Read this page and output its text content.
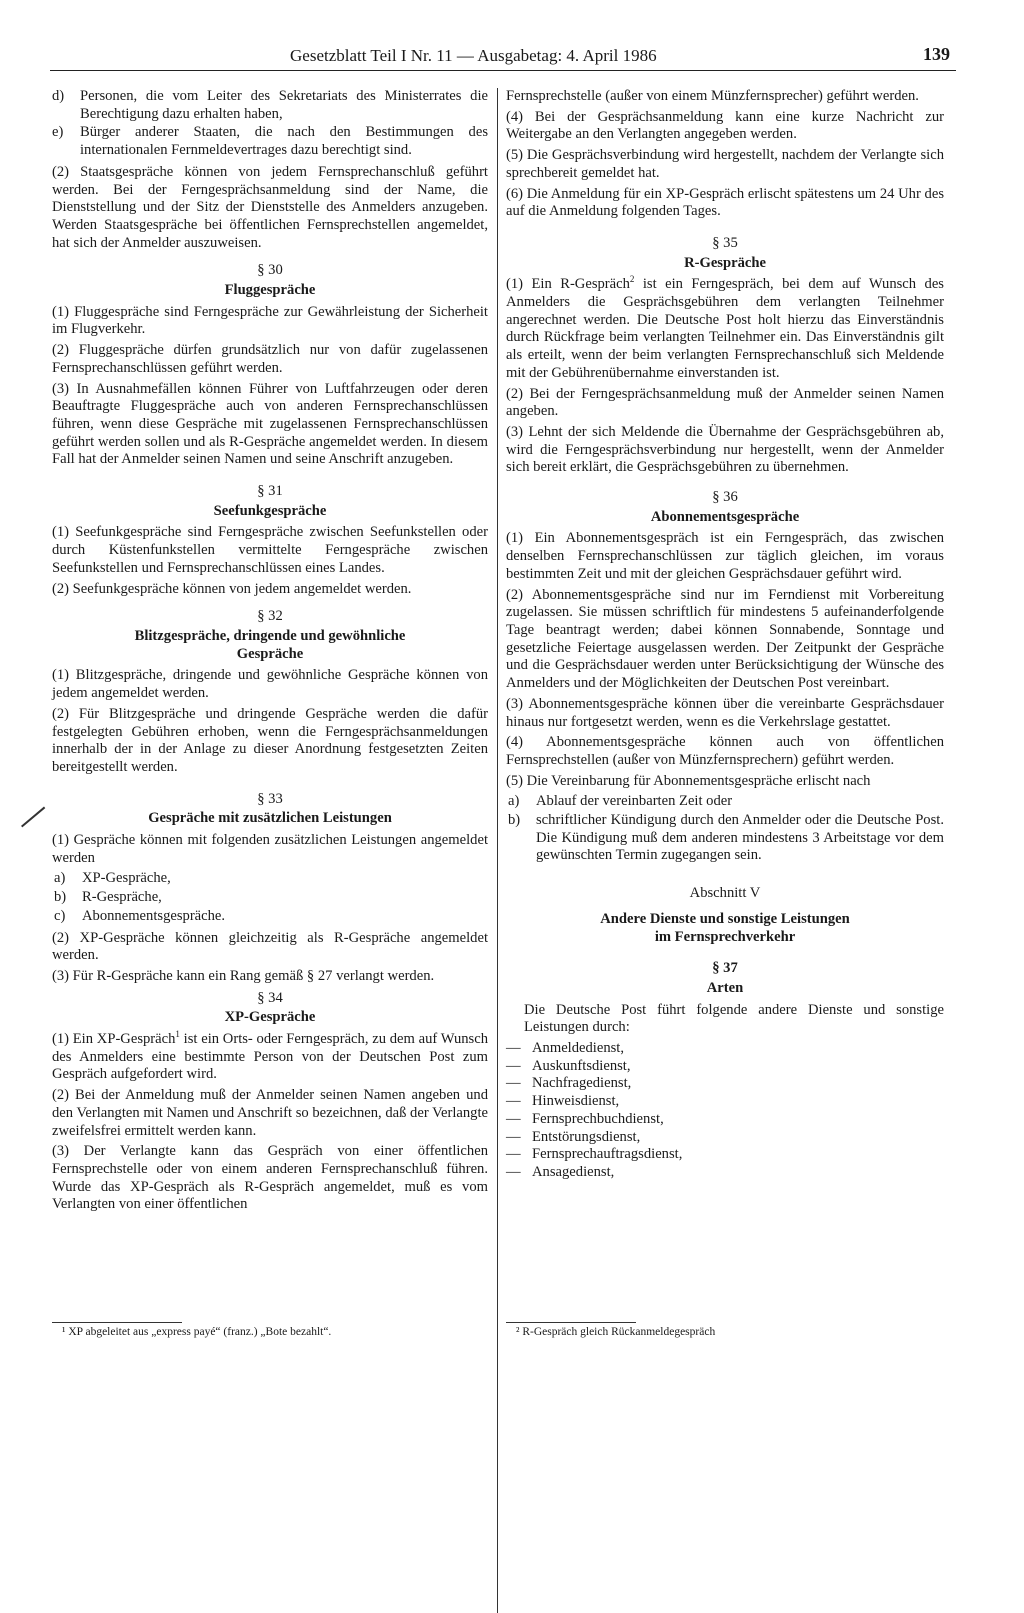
Gesetzblatt Teil I Nr. 11 — Ausgabetag: 4. April 1986	139
d)	Personen, die vom Leiter des Sekretariats des Ministerrates die Berechtigung dazu erhalten haben,
e)	Bürger anderer Staaten, die nach den Bestimmungen des internationalen Fernmeldevertrages dazu berechtigt sind.

(2) Staatsgespräche können von jedem Fernsprechanschluß geführt werden. Bei der Ferngesprächsanmeldung sind der Name, die Dienststellung und der Sitz der Dienststelle des Anmelders anzugeben. Werden Staatsgespräche bei öffentlichen Fernsprechstellen angemeldet, hat sich der Anmelder auszuweisen.

§ 30
Fluggespräche

(1) Fluggespräche sind Ferngespräche zur Gewährleistung der Sicherheit im Flugverkehr.

(2) Fluggespräche dürfen grundsätzlich nur von dafür zugelassenen Fernsprechanschlüssen geführt werden.

(3) In Ausnahmefällen können Führer von Luftfahrzeugen oder deren Beauftragte Fluggespräche auch von anderen Fernsprechanschlüssen führen, wenn diese Gespräche mit zugelassenen Fernsprechanschlüssen geführt werden sollen und als R-Gespräche angemeldet werden. In diesem Fall hat der Anmelder seinen Namen und seine Anschrift anzugeben.

§ 31
Seefunkgespräche

(1) Seefunkgespräche sind Ferngespräche zwischen Seefunkstellen oder durch Küstenfunkstellen vermittelte Ferngespräche zwischen Seefunkstellen und Fernsprechanschlüssen eines Landes.

(2) Seefunkgespräche können von jedem angemeldet werden.

§ 32
Blitzgespräche, dringende und gewöhnliche
Gespräche

(1) Blitzgespräche, dringende und gewöhnliche Gespräche können von jedem angemeldet werden.

(2) Für Blitzgespräche und dringende Gespräche werden die dafür festgelegten Gebühren erhoben, wenn die Ferngesprächsanmeldungen innerhalb der in der Anlage zu dieser Anordnung festgesetzten Zeiten bereitgestellt werden.

§ 33
Gespräche mit zusätzlichen Leistungen

(1) Gespräche können mit folgenden zusätzlichen Leistungen angemeldet werden

a)	XP-Gespräche,
b)	R-Gespräche,
c)	Abonnementsgespräche.

(2) XP-Gespräche können gleichzeitig als R-Gespräche angemeldet werden.

(3) Für R-Gespräche kann ein Rang gemäß § 27 verlangt werden.

§ 34
XP-Gespräche

(1) Ein XP-Gespräch$^1$ ist ein Orts- oder Ferngespräch, zu dem auf Wunsch des Anmelders eine bestimmte Person von der Deutschen Post zum Gespräch aufgefordert wird.

(2) Bei der Anmeldung muß der Anmelder seinen Namen angeben und den Verlangten mit Namen und Anschrift so bezeichnen, daß der Verlangte zweifelsfrei ermittelt werden kann.

(3) Der Verlangte kann das Gespräch von einer öffentlichen Fernsprechstelle oder von einem anderen Fernsprechanschluß führen. Wurde das XP-Gespräch als R-Gespräch angemeldet, muß es vom Verlangten von einer öffentlichen

¹ XP abgeleitet aus „express payé“ (franz.) „Bote bezahlt“.

Fernsprechstelle (außer von einem Münzfernsprecher) geführt werden.

(4) Bei der Gesprächsanmeldung kann eine kurze Nachricht zur Weitergabe an den Verlangten angegeben werden.

(5) Die Gesprächsverbindung wird hergestellt, nachdem der Verlangte sich sprechbereit gemeldet hat.

(6) Die Anmeldung für ein XP-Gespräch erlischt spätestens um 24 Uhr des auf die Anmeldung folgenden Tages.

§ 35
R-Gespräche

(1) Ein R-Gespräch$^2$ ist ein Ferngespräch, bei dem auf Wunsch des Anmelders die Gesprächsgebühren dem verlangten Teilnehmer angerechnet werden. Die Deutsche Post holt hierzu das Einverständnis durch Rückfrage beim verlangten Teilnehmer ein. Das Einverständnis gilt als erteilt, wenn der beim verlangten Fernsprechanschluß sich Meldende mit der Gebührenübernahme einverstanden ist.

(2) Bei der Ferngesprächsanmeldung muß der Anmelder seinen Namen angeben.

(3) Lehnt der sich Meldende die Übernahme der Gesprächsgebühren ab, wird die Ferngesprächsverbindung nur hergestellt, wenn der Anmelder sich bereit erklärt, die Gesprächsgebühren zu übernehmen.

§ 36
Abonnementsgespräche

(1) Ein Abonnementsgespräch ist ein Ferngespräch, das zwischen denselben Fernsprechanschlüssen zur täglich gleichen, im voraus bestimmten Zeit und mit der gleichen Gesprächsdauer geführt wird.

(2) Abonnementsgespräche sind nur im Ferndienst mit Vorbereitung zugelassen. Sie müssen schriftlich für mindestens 5 aufeinanderfolgende Tage beantragt werden; dabei können Sonnabende, Sonntage und gesetzliche Feiertage ausgelassen werden. Der Zeitpunkt der Gespräche und die Gesprächsdauer werden unter Berücksichtigung der Wünsche des Anmelders und der Möglichkeiten der Deutschen Post vereinbart.

(3) Abonnementsgespräche können über die vereinbarte Gesprächsdauer hinaus nur fortgesetzt werden, wenn es die Verkehrslage gestattet.

(4) Abonnementsgespräche können auch von öffentlichen Fernsprechstellen (außer von Münzfernsprechern) geführt werden.

(5) Die Vereinbarung für Abonnementsgespräche erlischt nach

a)	Ablauf der vereinbarten Zeit oder
b)	schriftlicher Kündigung durch den Anmelder oder die Deutsche Post. Die Kündigung muß dem anderen mindestens 3 Arbeitstage vor dem gewünschten Termin zugegangen sein.
Abschnitt V
Andere Dienste und sonstige Leistungen
im Fernsprechverkehr
§ 37
Arten

Die Deutsche Post führt folgende andere Dienste und sonstige Leistungen durch:

— Anmeldedienst,
— Auskunftsdienst,
— Nachfragedienst,
— Hinweisdienst,
— Fernsprechbuchdienst,
— Entstörungsdienst,
— Fernsprechauftragsdienst,
— Ansagedienst,
² R-Gespräch gleich Rückanmeldegespräch
